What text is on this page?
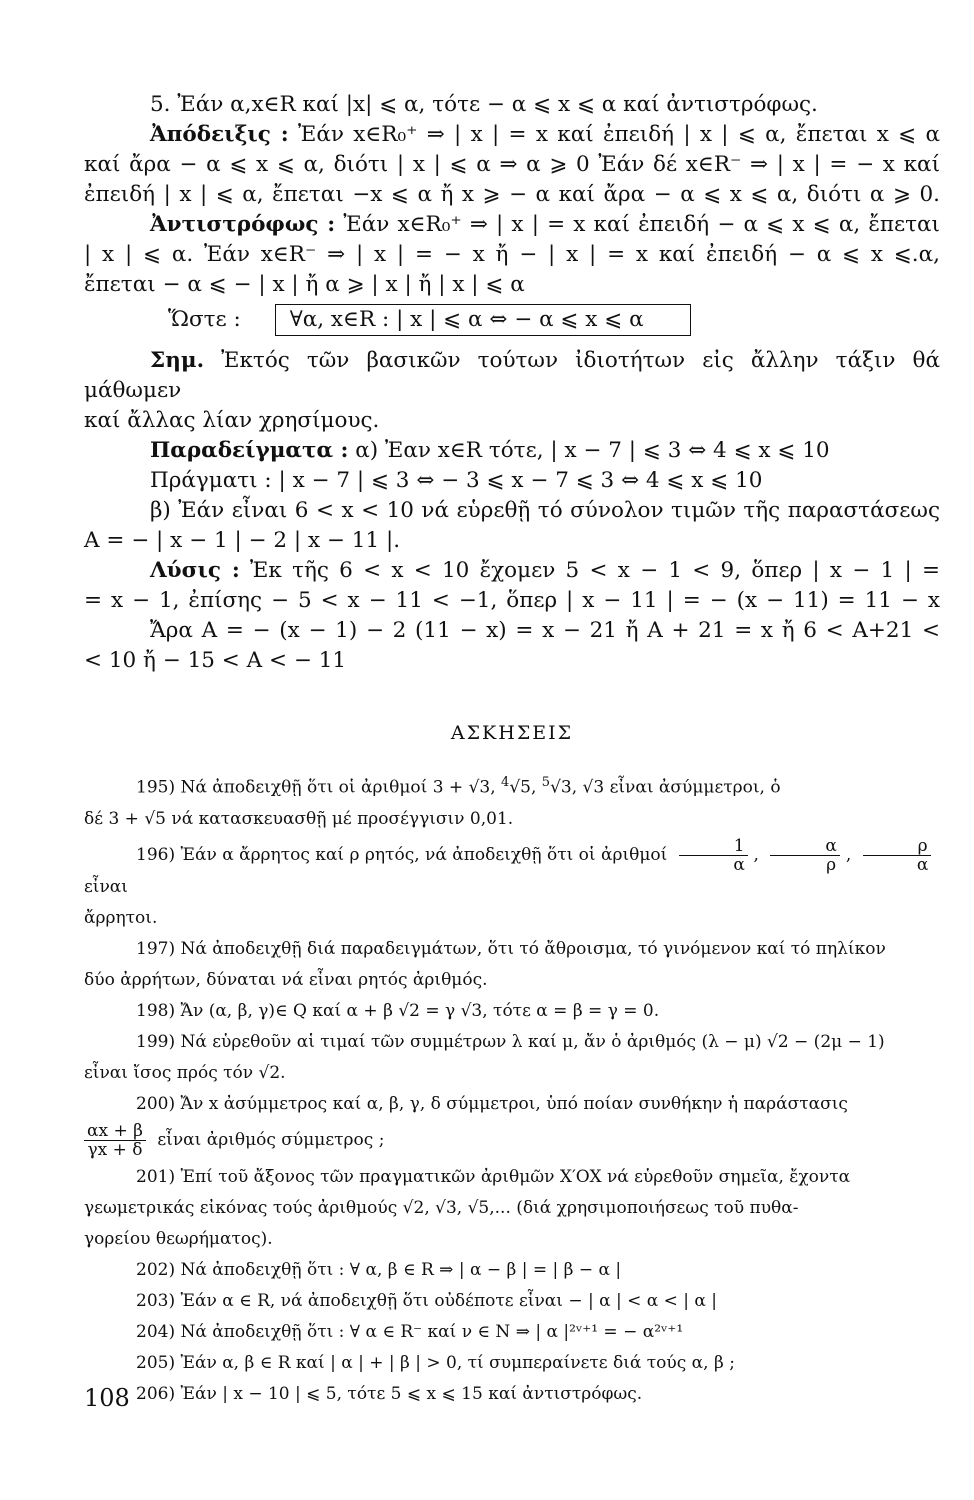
5. Ἐάν α,x∈R καί |x| ⩽ α, τότε − α ⩽ x ⩽ α καί ἀντιστρόφως.

Ἀπόδειξις : Ἐάν x∈R₀⁺ ⇒ | x | = x καί ἐπειδή | x | ⩽ α, ἔπεται x ⩽ α

καί ἄρα − α ⩽ x ⩽ α, διότι | x | ⩽ α ⇒ α ⩾ 0 Ἐάν δέ x∈R⁻ ⇒ | x | = − x καί

ἐπειδή | x | ⩽ α, ἔπεται −x ⩽ α ἤ x ⩾ − α καί ἄρα − α ⩽ x ⩽ α, διότι α ⩾ 0.

Ἀντιστρόφως : Ἐάν x∈R₀⁺ ⇒ | x | = x καί ἐπειδή − α ⩽ x ⩽ α, ἔπεται

| x | ⩽ α. Ἐάν x∈R⁻ ⇒ | x | = − x ἤ − | x | = x καί ἐπειδή − α ⩽ x ⩽.α,

ἔπεται − α ⩽ − | x | ἤ α ⩾ | x | ἤ | x | ⩽ α

Ὥστε :	∀α, x∈R : | x | ⩽ α ⇔ − α ⩽ x ⩽ α

Σημ. Ἐκτός τῶν βασικῶν τούτων ἰδιοτήτων εἰς ἄλλην τάξιν θά μάθωμεν

καί ἄλλας λίαν χρησίμους.

Παραδείγματα : α) Ἐαν x∈R τότε, | x − 7 | ⩽ 3 ⇔ 4 ⩽ x ⩽ 10

Πράγματι : | x − 7 | ⩽ 3 ⇔ − 3 ⩽ x − 7 ⩽ 3 ⇔ 4 ⩽ x ⩽ 10

β) Ἐάν εἶναι 6 < x < 10 νά εὑρεθῇ τό σύνολον τιμῶν τῆς παραστάσεως

A = − | x − 1 | − 2 | x − 11 |.

Λύσις : Ἐκ τῆς 6 < x < 10 ἔχομεν 5 < x − 1 < 9, ὅπερ | x − 1 | =

= x − 1, ἐπίσης − 5 < x − 11 < −1, ὅπερ | x − 11 | = − (x − 11) = 11 − x

Ἄρα A = − (x − 1) − 2 (11 − x) = x − 21 ἤ A + 21 = x ἤ 6 < A+21 <

< 10 ἤ − 15 < A < − 11

ΑΣΚΗΣΕΙΣ

195) Νά ἀποδειχθῇ ὅτι οἱ ἀριθμοί 3 + √3, $^4$√5, $^5$√3, √3 εἶναι ἀσύμμετροι, ὁ

δέ 3 + √5 νά κατασκευασθῇ μέ προσέγγισιν 0,01.

196) Ἐάν α ἄρρητος καί ρ ρητός, νά ἀποδειχθῇ ὅτι οἱ ἀριθμοί $\frac{1}{\alpha}$ , $\frac{\alpha}{\rho}$ , $\frac{\rho}{\alpha}$
εἶναι

ἄρρητοι.

197) Νά ἀποδειχθῇ διά παραδειγμάτων, ὅτι τό ἄθροισμα, τό γινόμενον καί τό πηλίκον

δύο ἀρρήτων, δύναται νά εἶναι ρητός ἀριθμός.

198) Ἄν (α, β, γ)∈ Q καί α + β √2 = γ √3, τότε α = β = γ = 0.

199) Νά εὑρεθοῦν αἱ τιμαί τῶν συμμέτρων λ καί μ, ἄν ὁ ἀριθμός (λ − μ) √2 − (2μ − 1)

εἶναι ἴσος πρός τόν √2.

200) Ἄν x ἀσύμμετρος καί α, β, γ, δ σύμμετροι, ὑπό ποίαν συνθήκην ἡ παράστασις

$\frac{\alpha x + \beta}{\gamma x + \delta}$ εἶναι ἀριθμός σύμμετρος ;

201) Ἐπί τοῦ ἄξονος τῶν πραγματικῶν ἀριθμῶν X′OX νά εὑρεθοῦν σημεῖα, ἔχοντα

γεωμετρικάς εἰκόνας τούς ἀριθμούς √2, √3, √5,... (διά χρησιμοποιήσεως τοῦ πυθα-

γορείου θεωρήματος).

202) Νά ἀποδειχθῇ ὅτι : ∀ α, β ∈ R ⇒ | α − β | = | β − α |

203) Ἐάν α ∈ R, νά ἀποδειχθῇ ὅτι οὐδέποτε εἶναι − | α | < α < | α |

204) Νά ἀποδειχθῇ ὅτι : ∀ α ∈ R⁻ καί ν ∈ N ⇒ | α |²ᵛ⁺¹ = − α²ᵛ⁺¹

205) Ἐάν α, β ∈ R καί | α | + | β | > 0, τί συμπεραίνετε διά τούς α, β ;

206) Ἐάν | x − 10 | ⩽ 5, τότε 5 ⩽ x ⩽ 15 καί ἀντιστρόφως.

108
